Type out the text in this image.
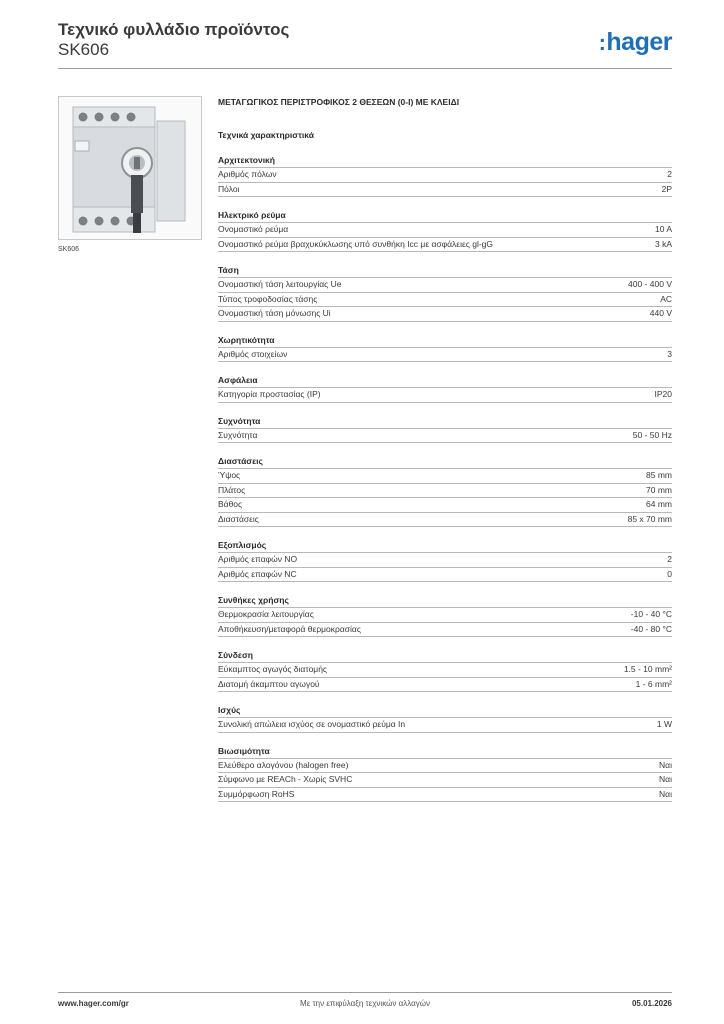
Τεχνικό φυλλάδιο προϊόντος
SK606	:hager
SK606
ΜΕΤΑΓΩΓΙΚΟΣ ΠΕΡΙΣΤΡΟΦΙΚΟΣ 2 ΘΕΣΕΩΝ (0-I) ΜΕ ΚΛΕΙΔΙ
Τεχνικά χαρακτηριστικά
Αρχιτεκτονική
Αριθμός πόλων	2
Πόλοι	2P
Ηλεκτρικό ρεύμα
Ονομαστικό ρεύμα	10 A
Ονομαστικό ρεύμα βραχυκύκλωσης υπό συνθήκη Icc με ασφάλειες gl-gG	3 kA
Τάση
Ονομαστική τάση λειτουργίας Ue	400 - 400 V
Τύπος τροφοδοσίας τάσης	AC
Ονομαστική τάση μόνωσης Ui	440 V
Χωρητικότητα
Αριθμός στοιχείων	3
Ασφάλεια
Κατηγορία προστασίας (IP)	IP20
Συχνότητα
Συχνότητα	50 - 50 Hz
Διαστάσεις
Ύψος	85 mm
Πλάτος	70 mm
Βάθος	64 mm
Διαστάσεις	85 x 70 mm
Εξοπλισμός
Αριθμός επαφών NO	2
Αριθμός επαφών NC	0
Συνθήκες χρήσης
Θερμοκρασία λειτουργίας	-10 - 40 °C
Αποθήκευση/μεταφορά θερμοκρασίας	-40 - 80 °C
Σύνδεση
Εύκαμπτος αγωγός διατομής	1.5 - 10 mm²
Διατομή άκαμπτου αγωγού	1 - 6 mm²
Ισχύς
Συνολική απώλεια ισχύος σε ονομαστικό ρεύμα In	1 W
Βιωσιμότητα
Ελεύθερο αλογόνου (halogen free)	Ναι
Σύμφωνο με REACh - Χωρίς SVHC	Ναι
Συμμόρφωση RoHS	Ναι
Με την επιφύλαξη τεχνικών αλλαγών
www.hager.com/gr	05.01.2026
